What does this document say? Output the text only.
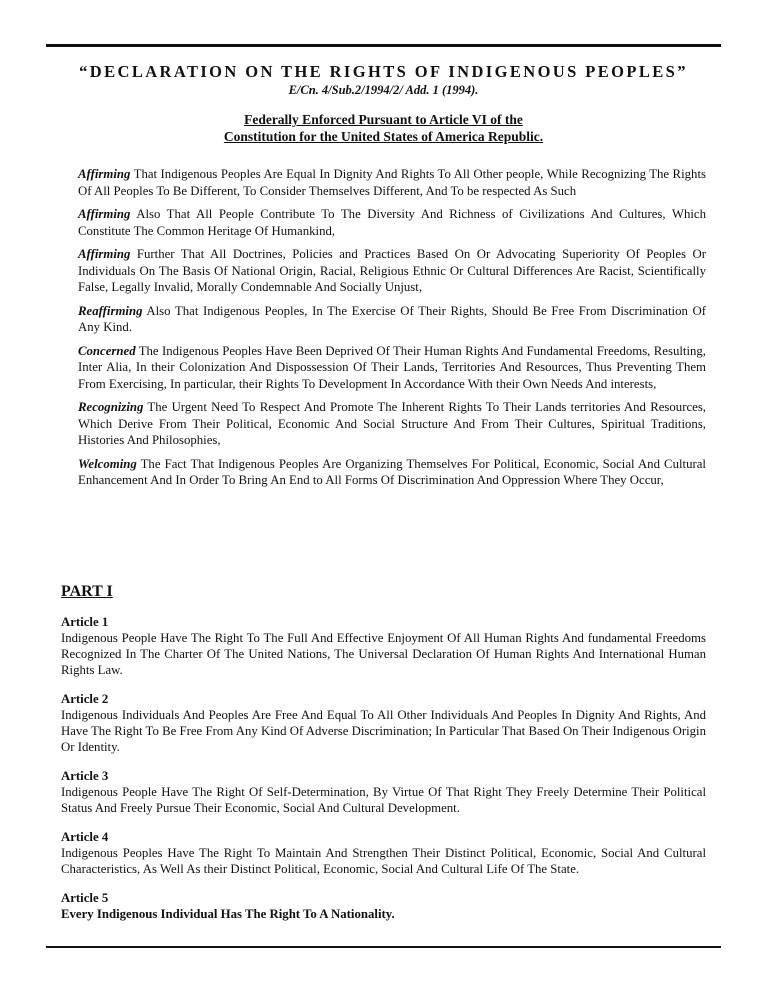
“DECLARATION ON THE RIGHTS OF INDIGENOUS PEOPLES”
E/Cn. 4/Sub.2/1994/2/ Add. 1 (1994).
Federally Enforced Pursuant to Article VI of the
Constitution for the United States of America Republic.

Affirming That Indigenous Peoples Are Equal In Dignity And Rights To All Other people, While Recognizing The Rights Of All Peoples To Be Different, To Consider Themselves Different, And To be respected As Such

Affirming Also That All People Contribute To The Diversity And Richness of Civilizations And Cultures, Which Constitute The Common Heritage Of Humankind,

Affirming Further That All Doctrines, Policies and Practices Based On Or Advocating Superiority Of Peoples Or Individuals On The Basis Of National Origin, Racial, Religious Ethnic Or Cultural Differences Are Racist, Scientifically False, Legally Invalid, Morally Condemnable And Socially Unjust,

Reaffirming Also That Indigenous Peoples, In The Exercise Of Their Rights, Should Be Free From Discrimination Of Any Kind.

Concerned The Indigenous Peoples Have Been Deprived Of Their Human Rights And Fundamental Freedoms, Resulting, Inter Alia, In their Colonization And Dispossession Of Their Lands, Territories And Resources, Thus Preventing Them From Exercising, In particular, their Rights To Development In Accordance With their Own Needs And interests,

Recognizing The Urgent Need To Respect And Promote The Inherent Rights To Their Lands territories And Resources, Which Derive From Their Political, Economic And Social Structure And From Their Cultures, Spiritual Traditions, Histories And Philosophies,

Welcoming The Fact That Indigenous Peoples Are Organizing Themselves For Political, Economic, Social And Cultural Enhancement And In Order To Bring An End to All Forms Of Discrimination And Oppression Where They Occur,

PART I
Article 1
Indigenous People Have The Right To The Full And Effective Enjoyment Of All Human Rights And fundamental Freedoms Recognized In The Charter Of The United Nations, The Universal Declaration Of Human Rights And International Human Rights Law.
Article 2
Indigenous Individuals And Peoples Are Free And Equal To All Other Individuals And Peoples In Dignity And Rights, And Have The Right To Be Free From Any Kind Of Adverse Discrimination; In Particular That Based On Their Indigenous Origin Or Identity.
Article 3
Indigenous People Have The Right Of Self-Determination, By Virtue Of That Right They Freely Determine Their Political Status And Freely Pursue Their Economic, Social And Cultural Development.
Article 4
Indigenous Peoples Have The Right To Maintain And Strengthen Their Distinct Political, Economic, Social And Cultural Characteristics, As Well As their Distinct Political, Economic, Social And Cultural Life Of The State.
Article 5
Every Indigenous Individual Has The Right To A Nationality.
